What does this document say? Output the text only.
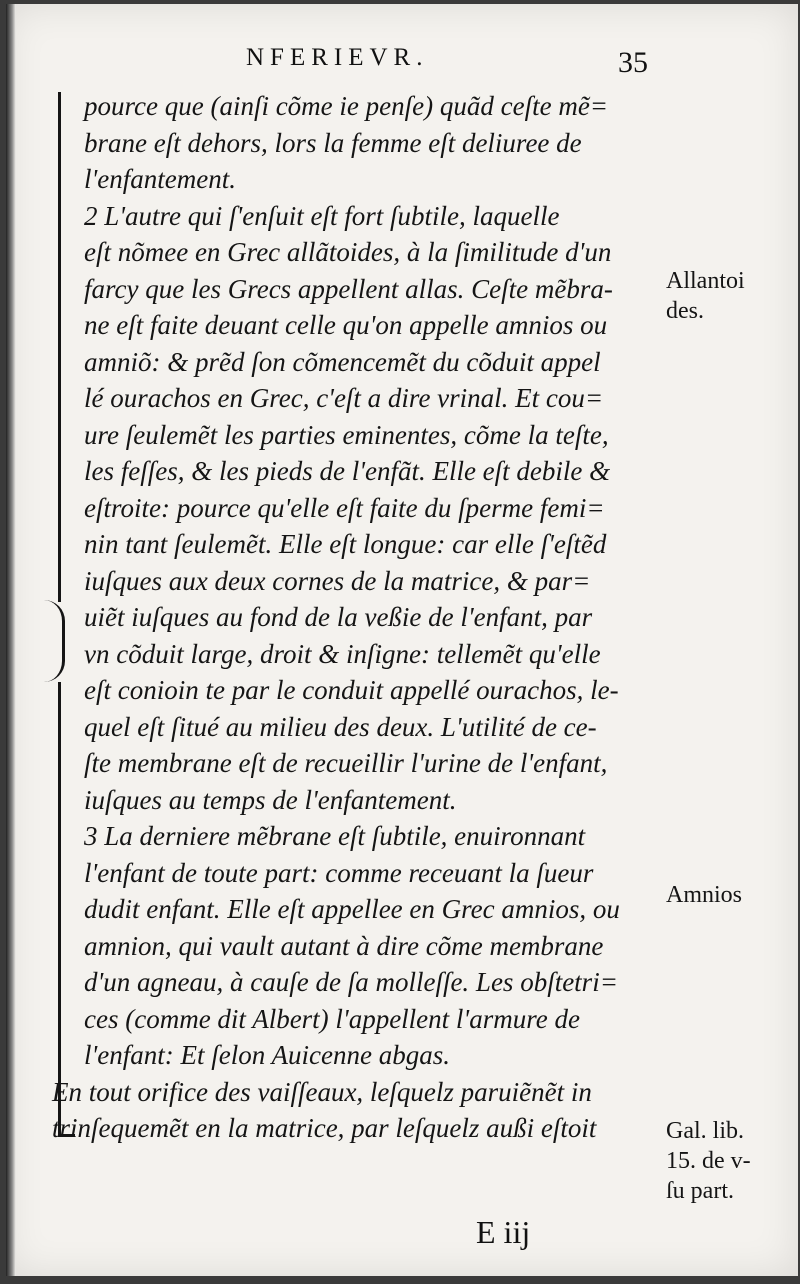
NFERIEVR.	35
pource que (ainſi cõme ie penſe) quãd ceſte mẽ=
brane eſt dehors, lors la femme eſt deliuree de
l'enfantement.
2 L'autre qui ſ'enſuit eſt fort ſubtile, laquelle
eſt nõmee en Grec allãtoides, à la ſimilitude d'un
farcy que les Grecs appellent allas. Ceſte mẽbra-
ne eſt faite deuant celle qu'on appelle amnios ou
amniõ: & prẽd ſon cõmencemẽt du cõduit appel
lé ourachos en Grec, c'eſt a dire vrinal. Et cou=
ure ſeulemẽt les parties eminentes, cõme la teſte,
les feſſes, & les pieds de l'enfãt. Elle eſt debile &
eſtroite: pource qu'elle eſt faite du ſperme femi=
nin tant ſeulemẽt. Elle eſt longue: car elle ſ'eſtẽd
iuſques aux deux cornes de la matrice, & par=
uiẽt iuſques au fond de la veßie de l'enfant, par
vn cõduit large, droit & inſigne: tellemẽt qu'elle
eſt conioin te par le conduit appellé ourachos, le-
quel eſt ſitué au milieu des deux. L'utilité de ce-
ſte membrane eſt de recueillir l'urine de l'enfant,
iuſques au temps de l'enfantement.
3 La derniere mẽbrane eſt ſubtile, enuironnant
l'enfant de toute part: comme receuant la ſueur
dudit enfant. Elle eſt appellee en Grec amnios, ou
amnion, qui vault autant à dire cõme membrane
d'un agneau, à cauſe de ſa molleſſe. Les obſtetri=
ces (comme dit Albert) l'appellent l'armure de
l'enfant: Et ſelon Auicenne abgas.
En tout orifice des vaiſſeaux, leſquelz paruiẽnẽt in
trinſequemẽt en la matrice, par leſquelz außi eſtoit
Allantoi
des.
Amnios
Gal. lib.
15. de v-
ſu part.
E iij
